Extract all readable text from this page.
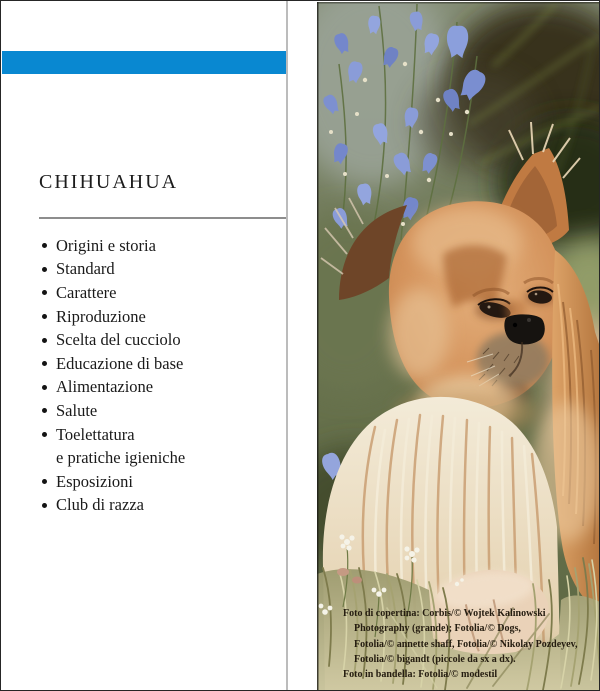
CHIHUAHUA
Origini e storia
Standard
Carattere
Riproduzione
Scelta del cucciolo
Educazione di base
Alimentazione
Salute
Toelettatura
e pratiche igieniche
Esposizioni
Club di razza
Foto di copertina: Corbis/© Wojtek Kalinowski
Photography (grande); Fotolia/© Dogs,
Fotolia/© annette shaff, Fotolia/© Nikolay Pozdeyev,
Fotolia/© bigandt (piccole da sx a dx).
Foto in bandella: Fotolia/© modestil
